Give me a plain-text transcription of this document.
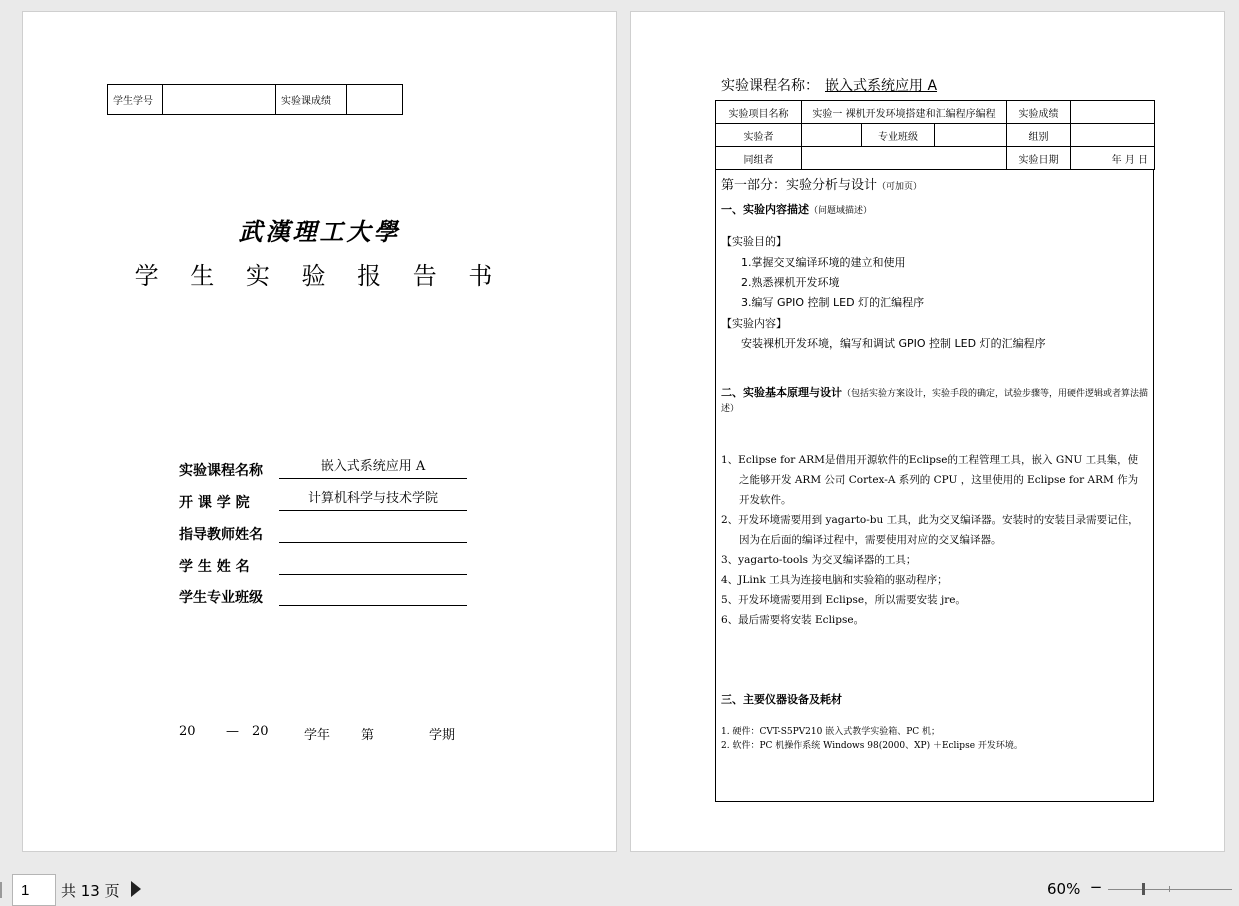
学生学号		实验课成绩	
武漢理工大學
学 生 实 验 报 告 书
实验课程名称	嵌入式系统应用 A
开 课 学 院	计算机科学与技术学院
指导教师姓名
学 生 姓 名
学生专业班级
20 — 20	学年 第	学期
实验课程名称： 嵌入式系统应用 A
实验项目名称	实验一 裸机开发环境搭建和汇编程序编程			实验成绩	
实验者		专业班级		组别	
同组者				实验日期	年 月 日
第一部分：实验分析与设计（可加页）
一、实验内容描述（问题域描述）
【实验目的】
1.掌握交叉编译环境的建立和使用
2.熟悉裸机开发环境
3.编写 GPIO 控制 LED 灯的汇编程序
【实验内容】
安装裸机开发环境，编写和调试 GPIO 控制 LED 灯的汇编程序
二、实验基本原理与设计（包括实验方案设计，实验手段的确定，试验步骤等，用硬件逻辑或者算法描述）
1、Eclipse for ARM是借用开源软件的Eclipse的工程管理工具，嵌入 GNU 工具集，使之能够开发 ARM 公司 Cortex-A 系列的 CPU ，这里使用的 Eclipse for ARM 作为开发软件。
2、开发环境需要用到 yagarto-bu 工具，此为交叉编译器。安装时的安装目录需要记住，因为在后面的编译过程中，需要使用对应的交叉编译器。
3、yagarto-tools 为交叉编译器的工具；
4、JLink 工具为连接电脑和实验箱的驱动程序；
5、开发环境需要用到 Eclipse，所以需要安装 jre。
6、最后需要将安装 Eclipse。
三、主要仪器设备及耗材
1. 硬件：CVT-S5PV210 嵌入式教学实验箱、PC 机；
2. 软件：PC 机操作系统 Windows 98(2000、XP) ＋Eclipse 开发环境。
1
共 13 页	60% −
